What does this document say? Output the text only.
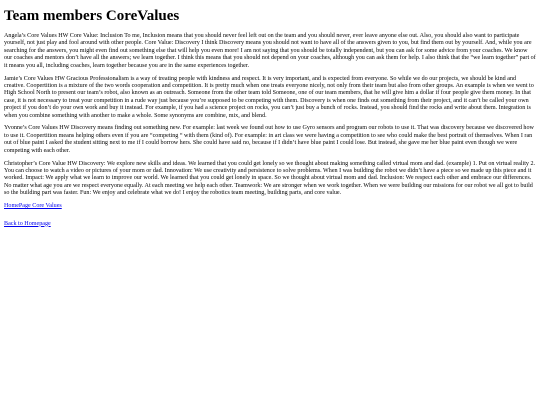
Team members CoreValues

Angela’s Core Values HW Core Value: Inclusion To me, Inclusion means that you should never feel left out on the team and you should never, ever leave anyone else out. Also, you should also want to participate yourself, not just play and fool around with other people. Core Value: Discovery I think Discovery means you should not want to have all of the answers given to you, but find them out by yourself. And, while you are searching for the answers, you might even find out something else that will help you even more! I am not saying that you should be totally independent, but you can ask for some advice from your coaches. We know our coaches and mentors don’t have all the answers; we learn together. I think this means that you should not depend on your coaches, although you can ask them for help. I also think that the “we learn together” part of it means you all, including coaches, learn together because you are in the same experiences together.

Jamie’s Core Values HW Gracious Professionalism is a way of treating people with kindness and respect. It is very important, and is expected from everyone. So while we do our projects, we should be kind and creative. Coopertition is a mixture of the two words cooperation and competition. It is pretty much when one treats everyone nicely, not only from their team but also from other groups. An example is when we went to High School North to present our team’s robot, also known as an outreach. Someone from the other team told Someone, one of our team members, that he will give him a dollar if four people give them money. In that case, it is not necessary to treat your competition in a rude way just because you’re supposed to be competing with them. Discovery is when one finds out something from their project, and it can’t be called your own project if you don’t do your own work and buy it instead. For example, if you had a science project on rocks, you can’t just buy a bunch of rocks. Instead, you should find the rocks and write about them. Integration is when you combine something with another to make a whole. Some synonyms are combine, mix, and blend.

Yvonne’s Core Values HW Discovery means finding out something new. For example: last week we found out how to use Gyro sensors and program our robots to use it. That was discovery because we discovered how to use it. Coopertition means helping others even if you are “competing “ with them (kind of). For example: in art class we were having a competition to see who could make the best portrait of themselves. When I ran out of blue paint I asked the student sitting next to me if I could borrow hers. She could have said no, because if I didn’t have blue paint I could lose. But instead, she gave me her blue paint even though we were competing with each other.

Christopher’s Core Value HW Discovery: We explore new skills and ideas. We learned that you could get lonely so we thought about making something called virtual mom and dad. (example) 1. Put on virtual reality 2. You can choose to watch a video or pictures of your mom or dad. Innovation: We use creativity and persistence to solve problems. When I was building the robot we didn’t have a piece so we made up this piece and it worked. Impact: We apply what we learn to improve our world. We learned that you could get lonely in space. So we thought about virtual mom and dad. Inclusion: We respect each other and embrace our differences. No matter what age you are we respect everyone equally. At each meeting we help each other. Teamwork: We are stronger when we work together. When we were building our missions for our robot we all got to build so the building part was faster. Fun: We enjoy and celebrate what we do! I enjoy the robotics team meeting, building parts, and core value.

HomePage Core Values

Back to Homepage
